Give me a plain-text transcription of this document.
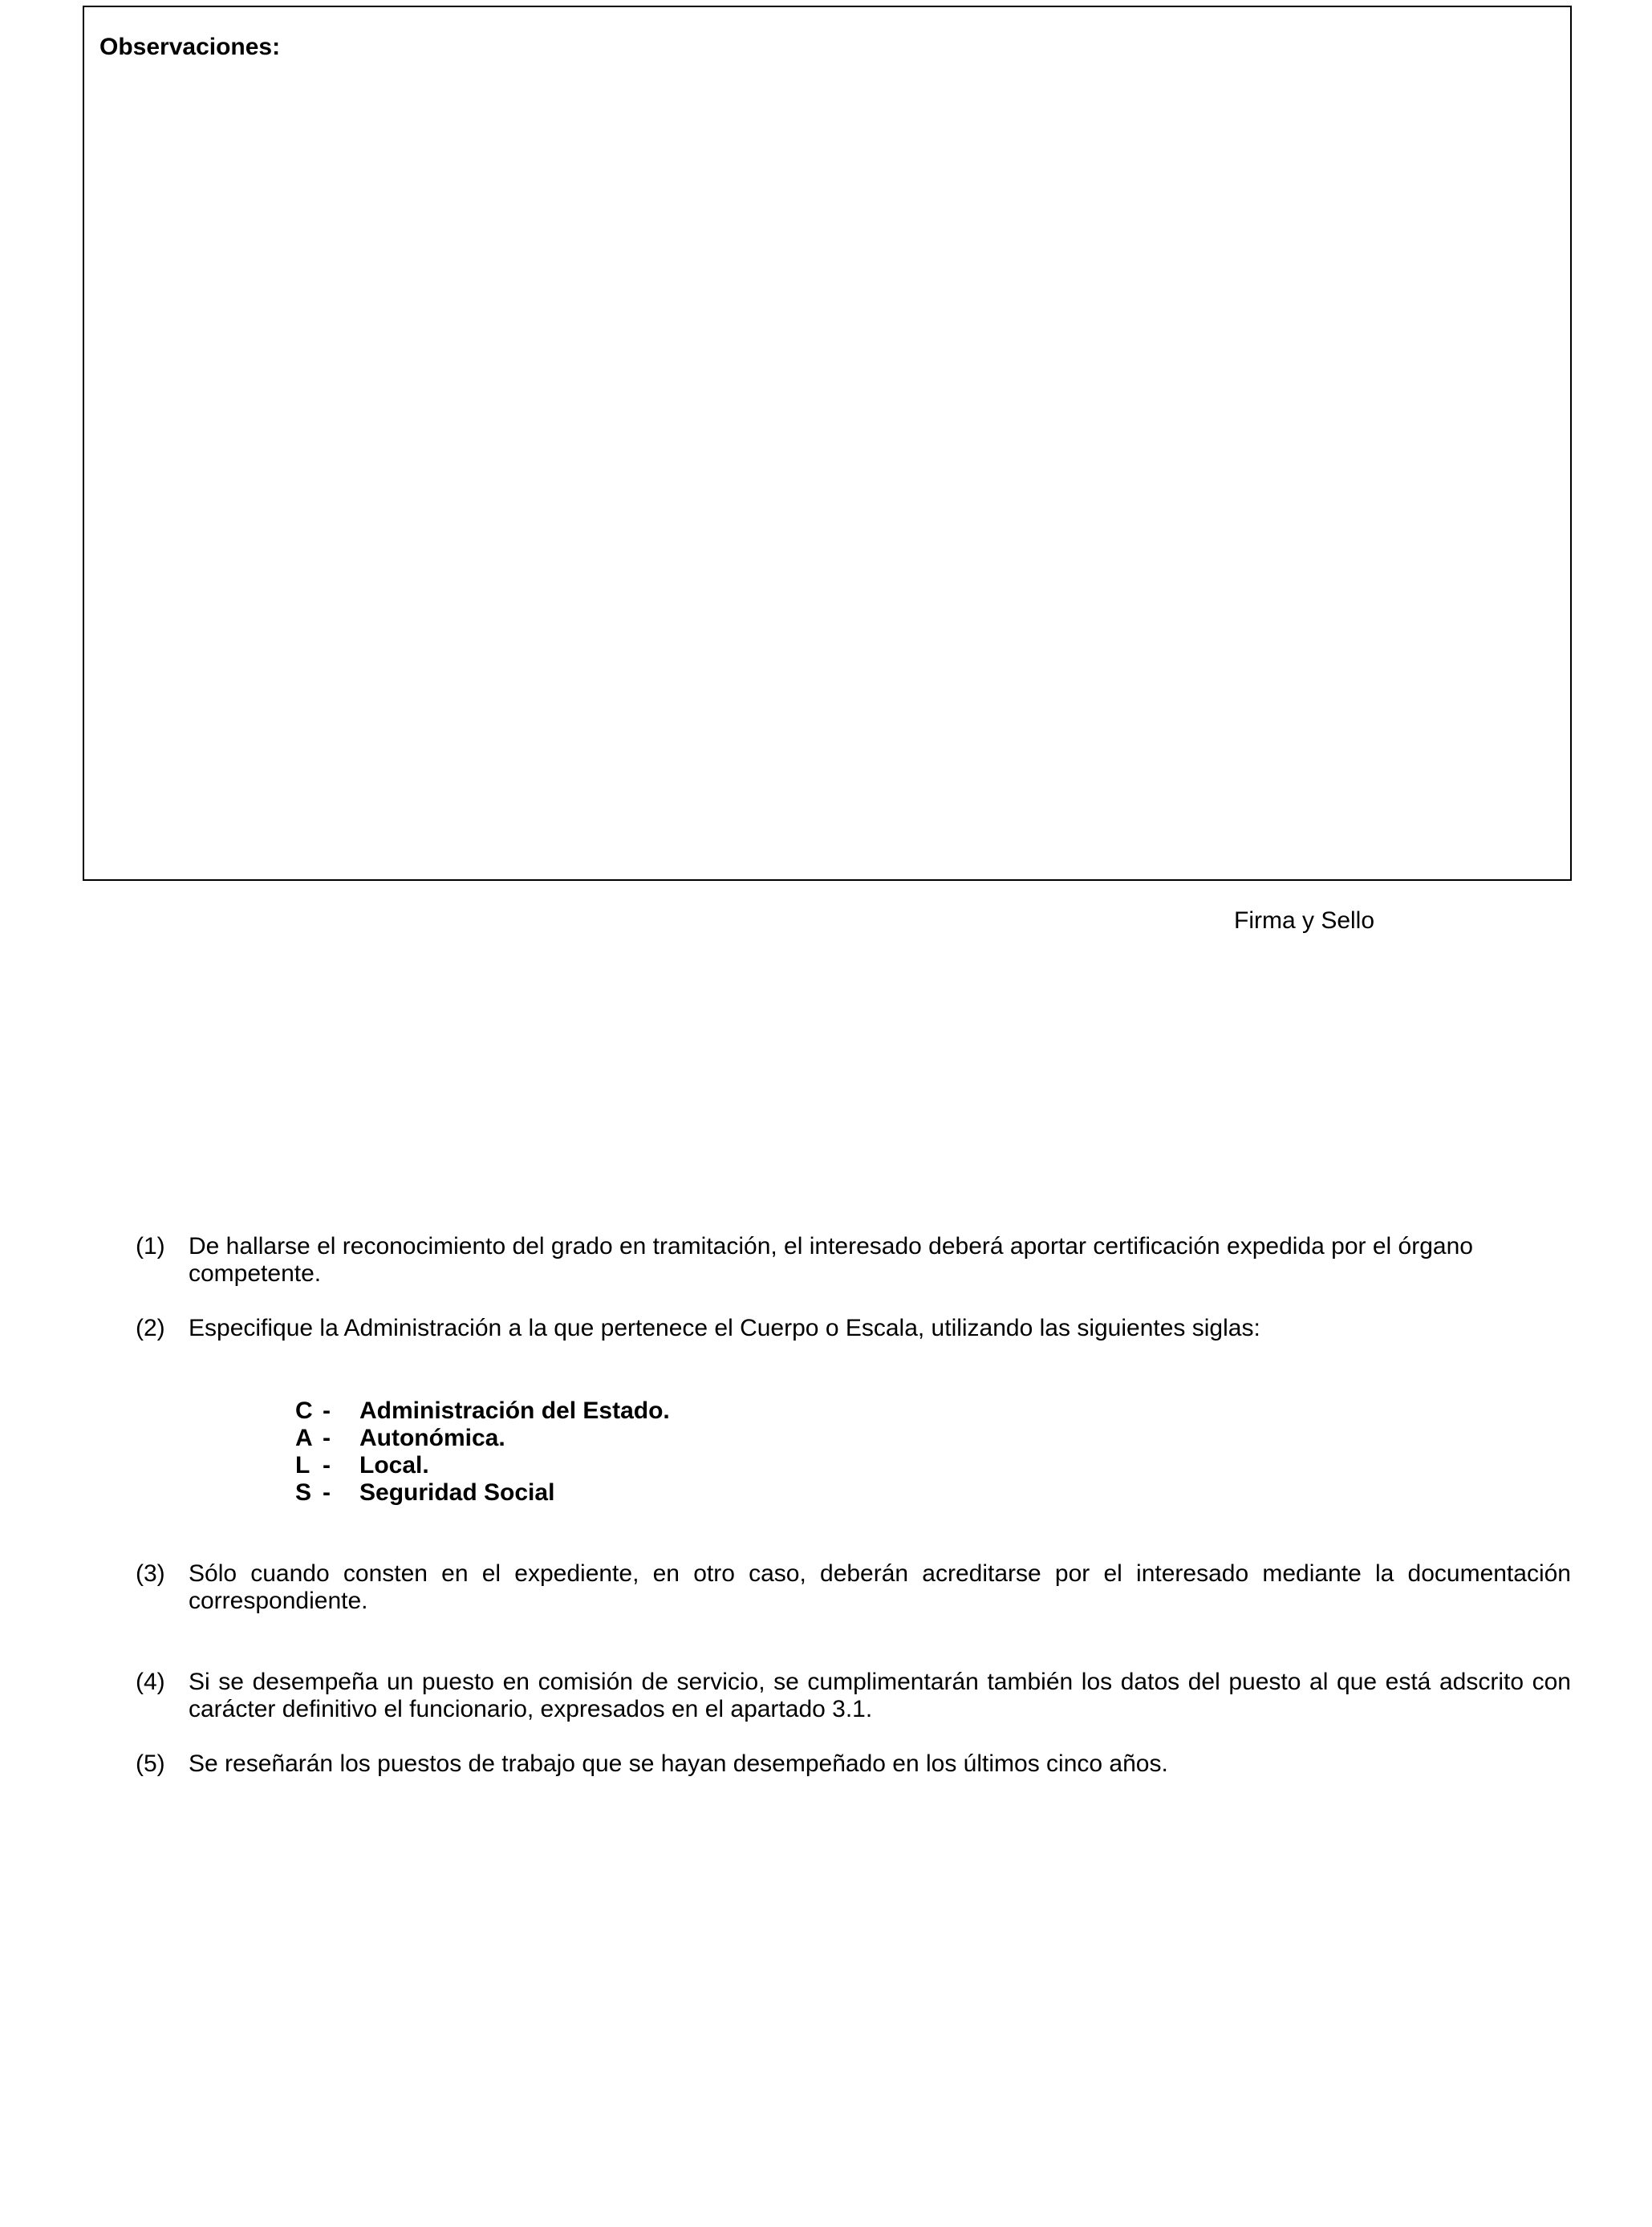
Observaciones:
Firma y Sello
(1) De hallarse el reconocimiento del grado en tramitación, el interesado deberá aportar certificación expedida por el órgano competente.
(2) Especifique la Administración a la que pertenece el Cuerpo o Escala, utilizando las siguientes siglas:
C - Administración del Estado.
A - Autonómica.
L - Local.
S - Seguridad Social
(3) Sólo cuando consten en el expediente, en otro caso, deberán acreditarse por el interesado mediante la documentación correspondiente.
(4) Si se desempeña un puesto en comisión de servicio, se cumplimentarán también los datos del puesto al que está adscrito con carácter definitivo el funcionario, expresados en el apartado 3.1.
(5) Se reseñarán los puestos de trabajo que se hayan desempeñado en los últimos cinco años.
